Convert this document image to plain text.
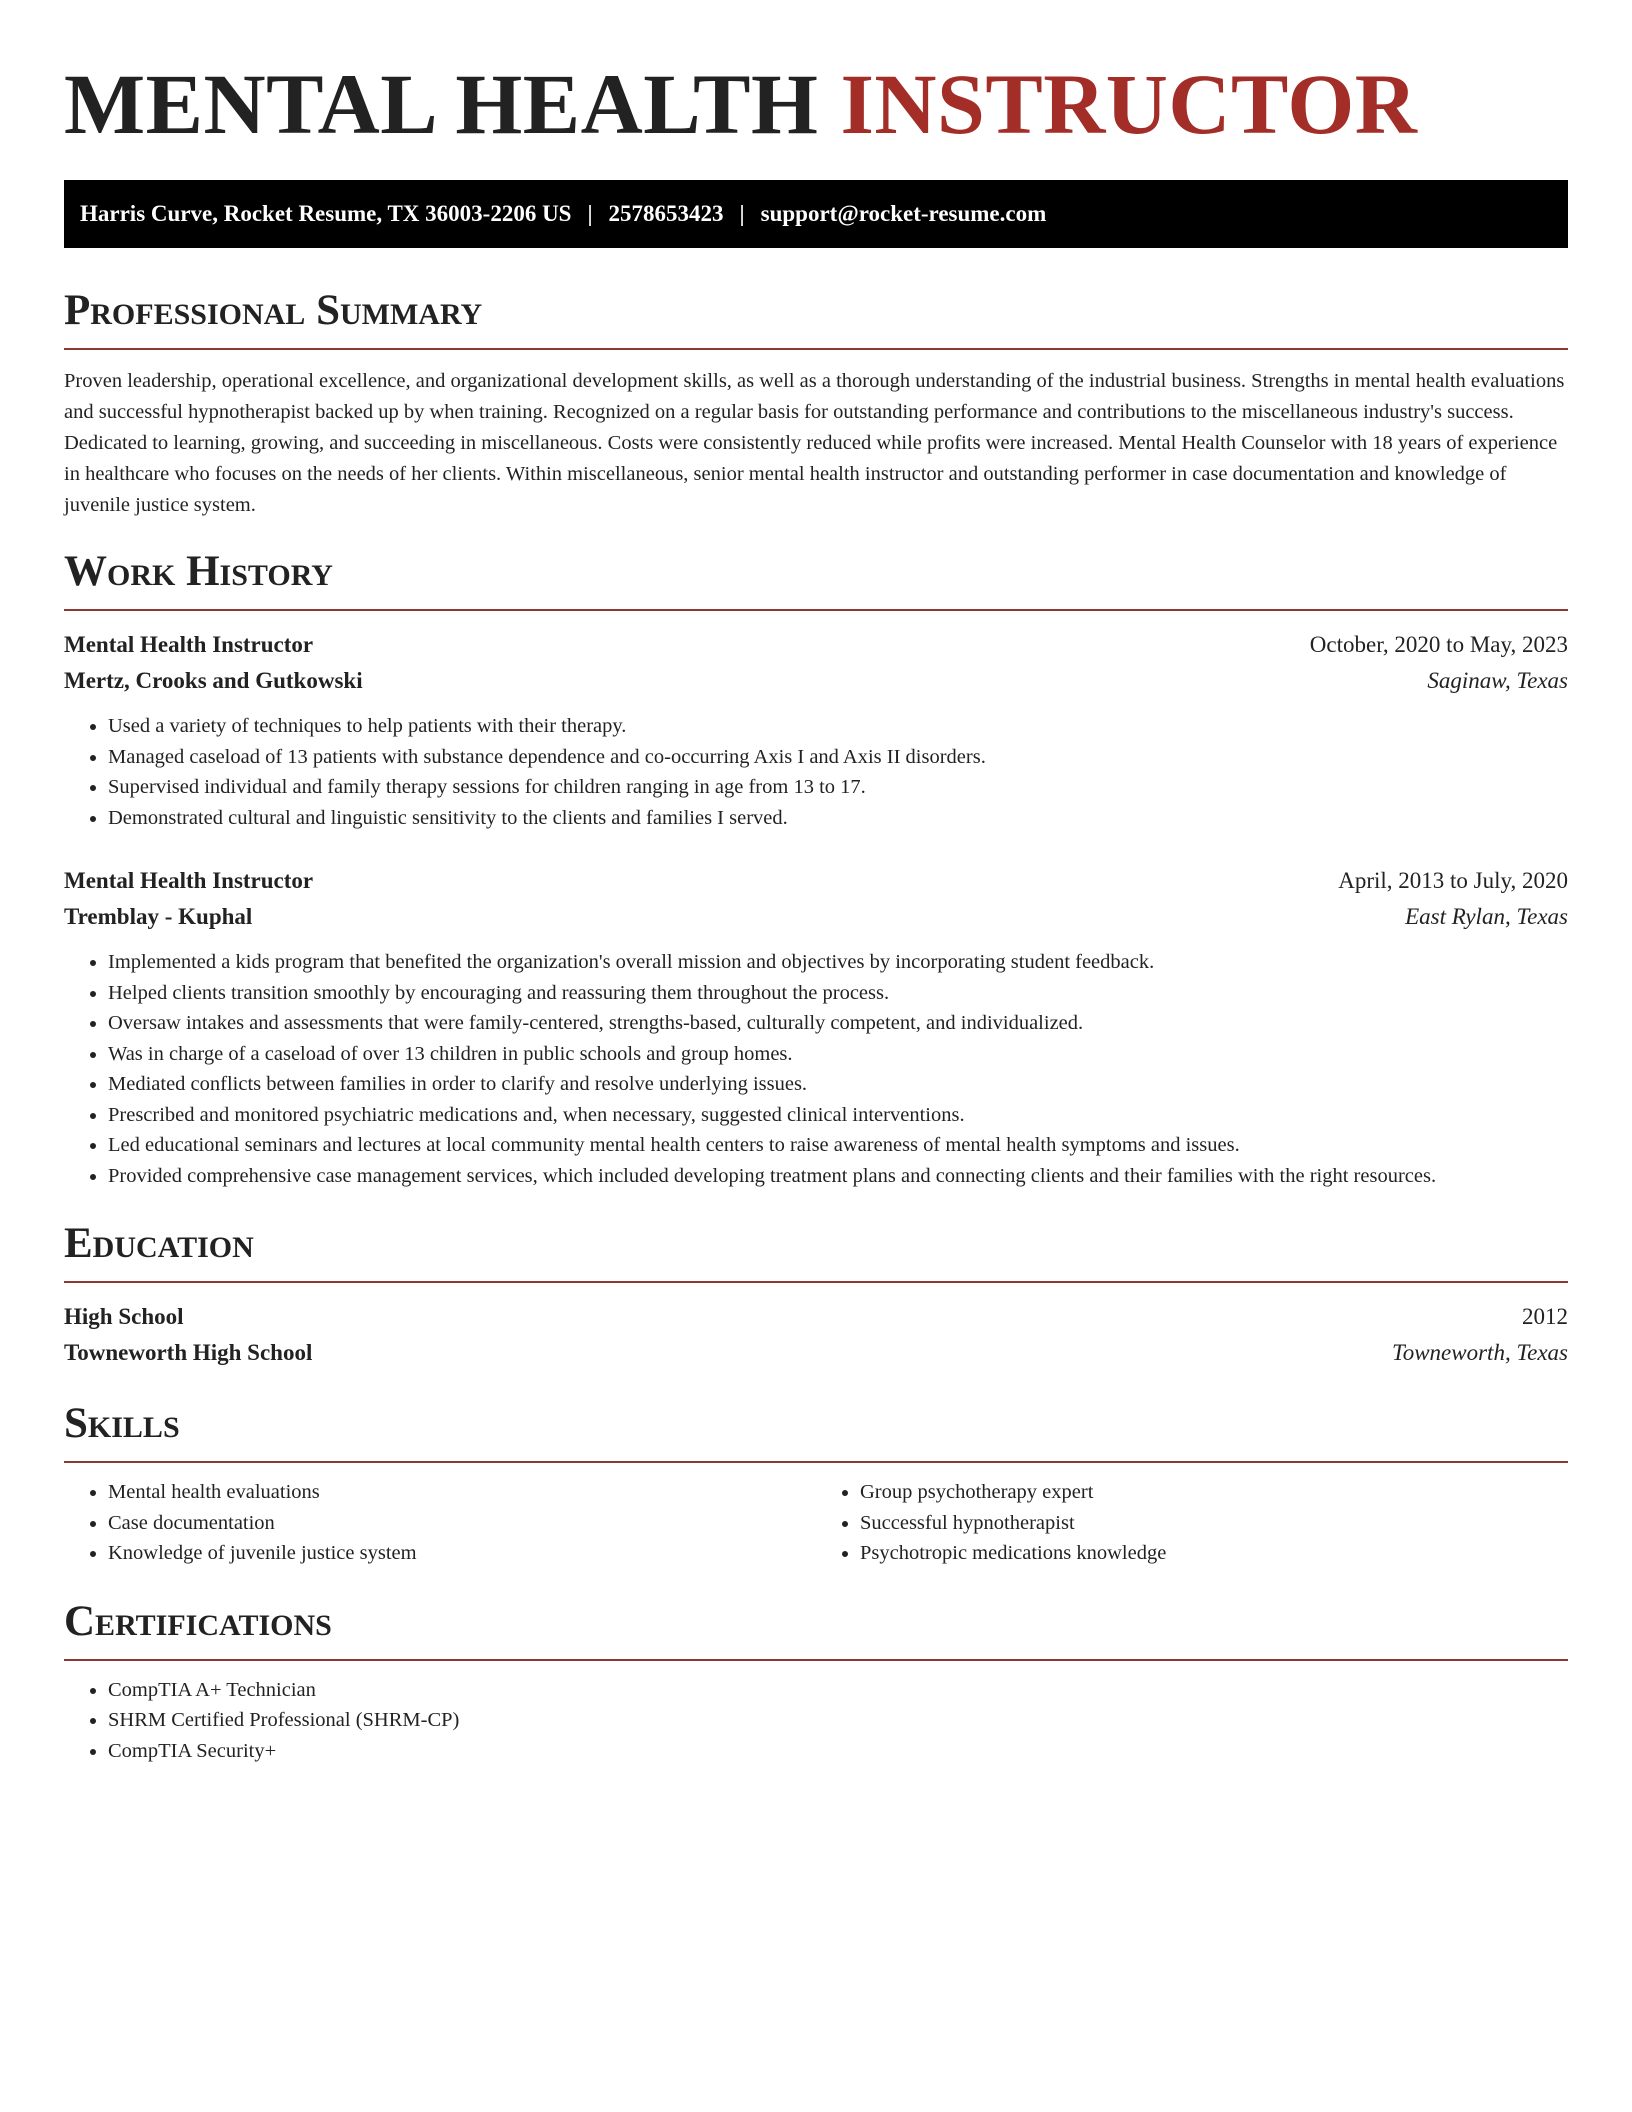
MENTAL HEALTH INSTRUCTOR
Harris Curve, Rocket Resume, TX 36003-2206 US | 2578653423 | support@rocket-resume.com
Professional Summary

Proven leadership, operational excellence, and organizational development skills, as well as a thorough understanding of the industrial business. Strengths in mental health evaluations and successful hypnotherapist backed up by when training. Recognized on a regular basis for outstanding performance and contributions to the miscellaneous industry's success. Dedicated to learning, growing, and succeeding in miscellaneous. Costs were consistently reduced while profits were increased. Mental Health Counselor with 18 years of experience in healthcare who focuses on the needs of her clients. Within miscellaneous, senior mental health instructor and outstanding performer in case documentation and knowledge of juvenile justice system.

Work History
Mental Health Instructor	October, 2020 to May, 2023
Mertz, Crooks and Gutkowski	Saginaw, Texas
• Used a variety of techniques to help patients with their therapy.
• Managed caseload of 13 patients with substance dependence and co-occurring Axis I and Axis II disorders.
• Supervised individual and family therapy sessions for children ranging in age from 13 to 17.
• Demonstrated cultural and linguistic sensitivity to the clients and families I served.
Mental Health Instructor	April, 2013 to July, 2020
Tremblay - Kuphal	East Rylan, Texas
• Implemented a kids program that benefited the organization's overall mission and objectives by incorporating student feedback.
• Helped clients transition smoothly by encouraging and reassuring them throughout the process.
• Oversaw intakes and assessments that were family-centered, strengths-based, culturally competent, and individualized.
• Was in charge of a caseload of over 13 children in public schools and group homes.
• Mediated conflicts between families in order to clarify and resolve underlying issues.
• Prescribed and monitored psychiatric medications and, when necessary, suggested clinical interventions.
• Led educational seminars and lectures at local community mental health centers to raise awareness of mental health symptoms and issues.
• Provided comprehensive case management services, which included developing treatment plans and connecting clients and their families with the right resources.
Education
High School	2012
Towneworth High School	Towneworth, Texas
Skills
• Mental health evaluations
• Case documentation
• Knowledge of juvenile justice system
• Group psychotherapy expert
• Successful hypnotherapist
• Psychotropic medications knowledge
Certifications
• CompTIA A+ Technician
• SHRM Certified Professional (SHRM-CP)
• CompTIA Security+
